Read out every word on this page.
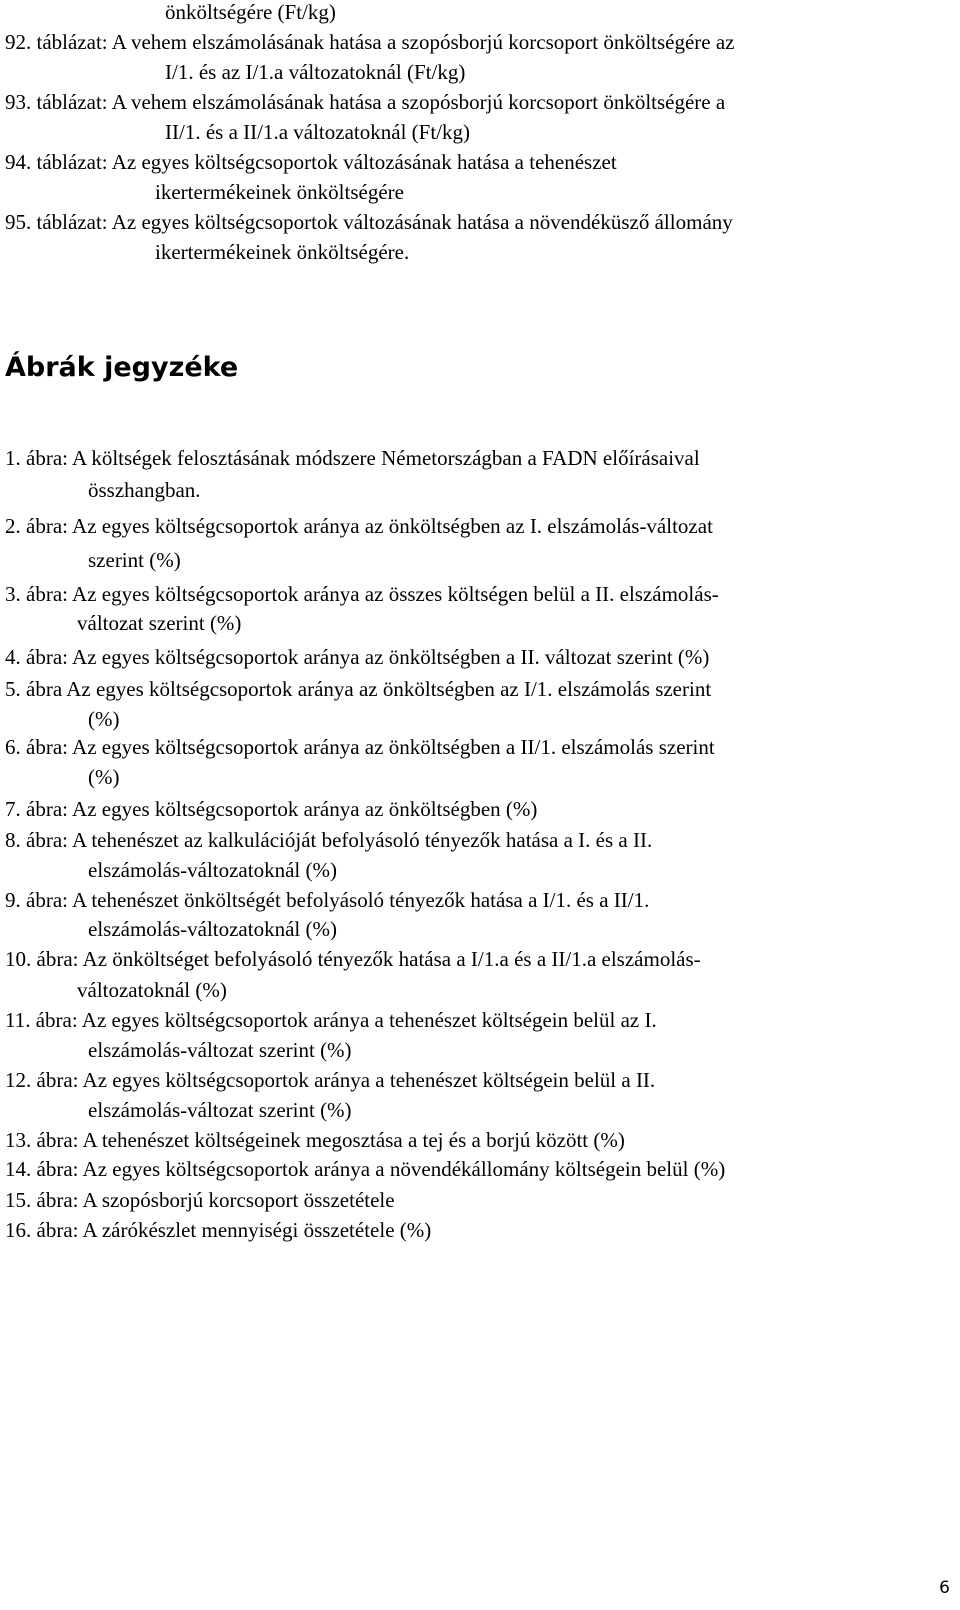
önköltségére (Ft/kg)
92. táblázat: A vehem elszámolásának hatása a szopósborjú korcsoport önköltségére az
I/1. és az I/1.a változatoknál (Ft/kg)
93. táblázat: A vehem elszámolásának hatása a szopósborjú korcsoport önköltségére a
II/1. és a II/1.a változatoknál (Ft/kg)
94. táblázat: Az egyes költségcsoportok változásának hatása a tehenészet
ikertermékeinek önköltségére
95. táblázat: Az egyes költségcsoportok változásának hatása a növendéküsző állomány
ikertermékeinek önköltségére.
Ábrák jegyzéke
1. ábra: A költségek felosztásának módszere Németországban a FADN előírásaival
összhangban.
2. ábra: Az egyes költségcsoportok aránya az önköltségben az I. elszámolás-változat
szerint (%)
3. ábra: Az egyes költségcsoportok aránya az összes költségen belül a II. elszámolás-
változat szerint (%)
4. ábra: Az egyes költségcsoportok aránya az önköltségben a II. változat szerint (%)
5. ábra Az egyes költségcsoportok aránya az önköltségben az I/1. elszámolás szerint
(%)
6. ábra: Az egyes költségcsoportok aránya az önköltségben a II/1. elszámolás szerint
(%)
7. ábra: Az egyes költségcsoportok aránya az önköltségben (%)
8. ábra: A tehenészet az kalkulációját befolyásoló tényezők hatása a I. és a II.
elszámolás-változatoknál (%)
9. ábra: A tehenészet önköltségét befolyásoló tényezők hatása a I/1. és a II/1.
elszámolás-változatoknál (%)
10. ábra: Az önköltséget befolyásoló tényezők hatása a I/1.a és a II/1.a elszámolás-
változatoknál (%)
11. ábra: Az egyes költségcsoportok aránya a tehenészet költségein belül az I.
elszámolás-változat szerint (%)
12. ábra: Az egyes költségcsoportok aránya a tehenészet költségein belül a II.
elszámolás-változat szerint (%)
13. ábra: A tehenészet költségeinek megosztása a tej és a borjú között (%)
14. ábra: Az egyes költségcsoportok aránya a növendékállomány költségein belül (%)
15. ábra: A szopósborjú korcsoport összetétele
16. ábra: A zárókészlet mennyiségi összetétele (%)
6
